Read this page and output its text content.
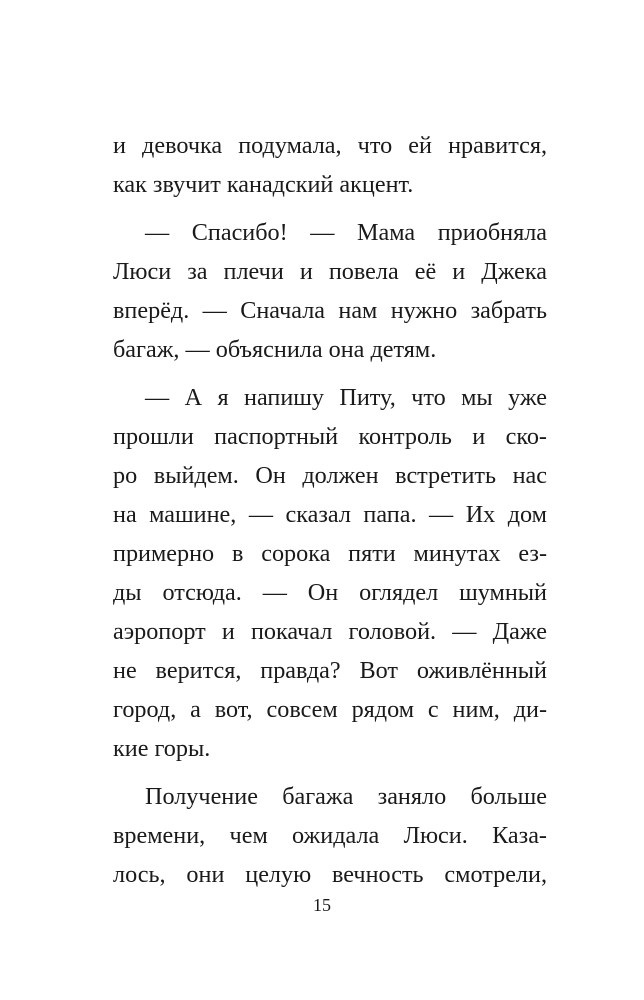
и девочка подумала, что ей нравится,
как звучит канадский акцент.
— Спасибо! — Мама приобняла
Люси за плечи и повела её и Джека
вперёд. — Сначала нам нужно забрать
багаж, — объяснила она детям.
— А я напишу Питу, что мы уже
прошли паспортный контроль и ско-
ро выйдем. Он должен встретить нас
на машине, — сказал папа. — Их дом
примерно в сорока пяти минутах ез-
ды отсюда. — Он оглядел шумный
аэропорт и покачал головой. — Даже
не верится, правда? Вот оживлённый
город, а вот, совсем рядом с ним, ди-
кие горы.
Получение багажа заняло больше
времени, чем ожидала Люси. Каза-
лось, они целую вечность смотрели,
15
